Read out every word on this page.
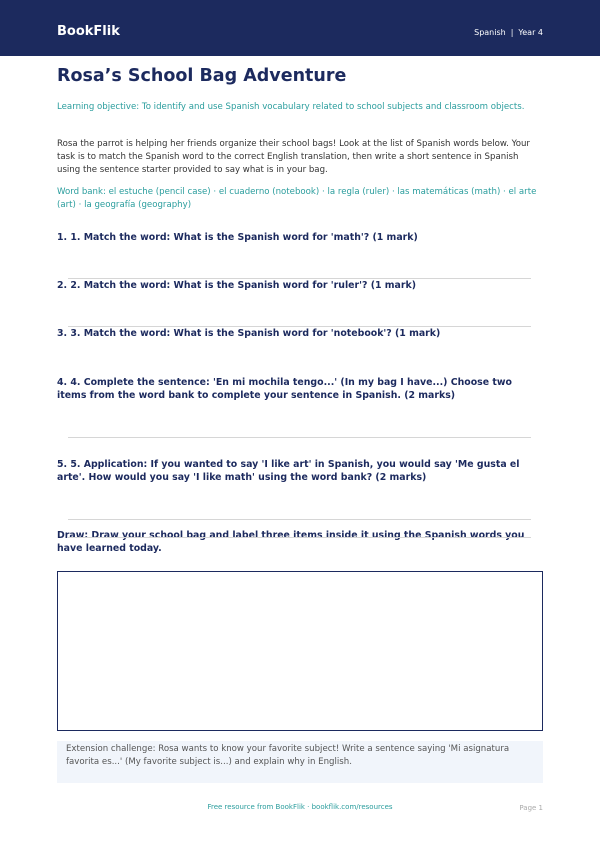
BookFlik	Spanish | Year 4
Rosa’s School Bag Adventure

Learning objective: To identify and use Spanish vocabulary related to school subjects and classroom objects.

Rosa the parrot is helping her friends organize their school bags! Look at the list of Spanish words below. Your task is to match the Spanish word to the correct English translation, then write a short sentence in Spanish using the sentence starter provided to say what is in your bag.

Word bank: el estuche (pencil case) · el cuaderno (notebook) · la regla (ruler) · las matemáticas (math) · el arte (art) · la geografía (geography)

1. 1. Match the word: What is the Spanish word for 'math'? (1 mark)

2. 2. Match the word: What is the Spanish word for 'ruler'? (1 mark)

3. 3. Match the word: What is the Spanish word for 'notebook'? (1 mark)

4. 4. Complete the sentence: 'En mi mochila tengo...' (In my bag I have...) Choose two items from the word bank to complete your sentence in Spanish. (2 marks)

5. 5. Application: If you wanted to say 'I like art' in Spanish, you would say 'Me gusta el arte'. How would you say 'I like math' using the word bank? (2 marks)

Draw: Draw your school bag and label three items inside it using the Spanish words you have learned today.

Extension challenge: Rosa wants to know your favorite subject! Write a sentence saying 'Mi asignatura favorita es...' (My favorite subject is...) and explain why in English.

Free resource from BookFlik · bookflik.com/resources	Page 1
